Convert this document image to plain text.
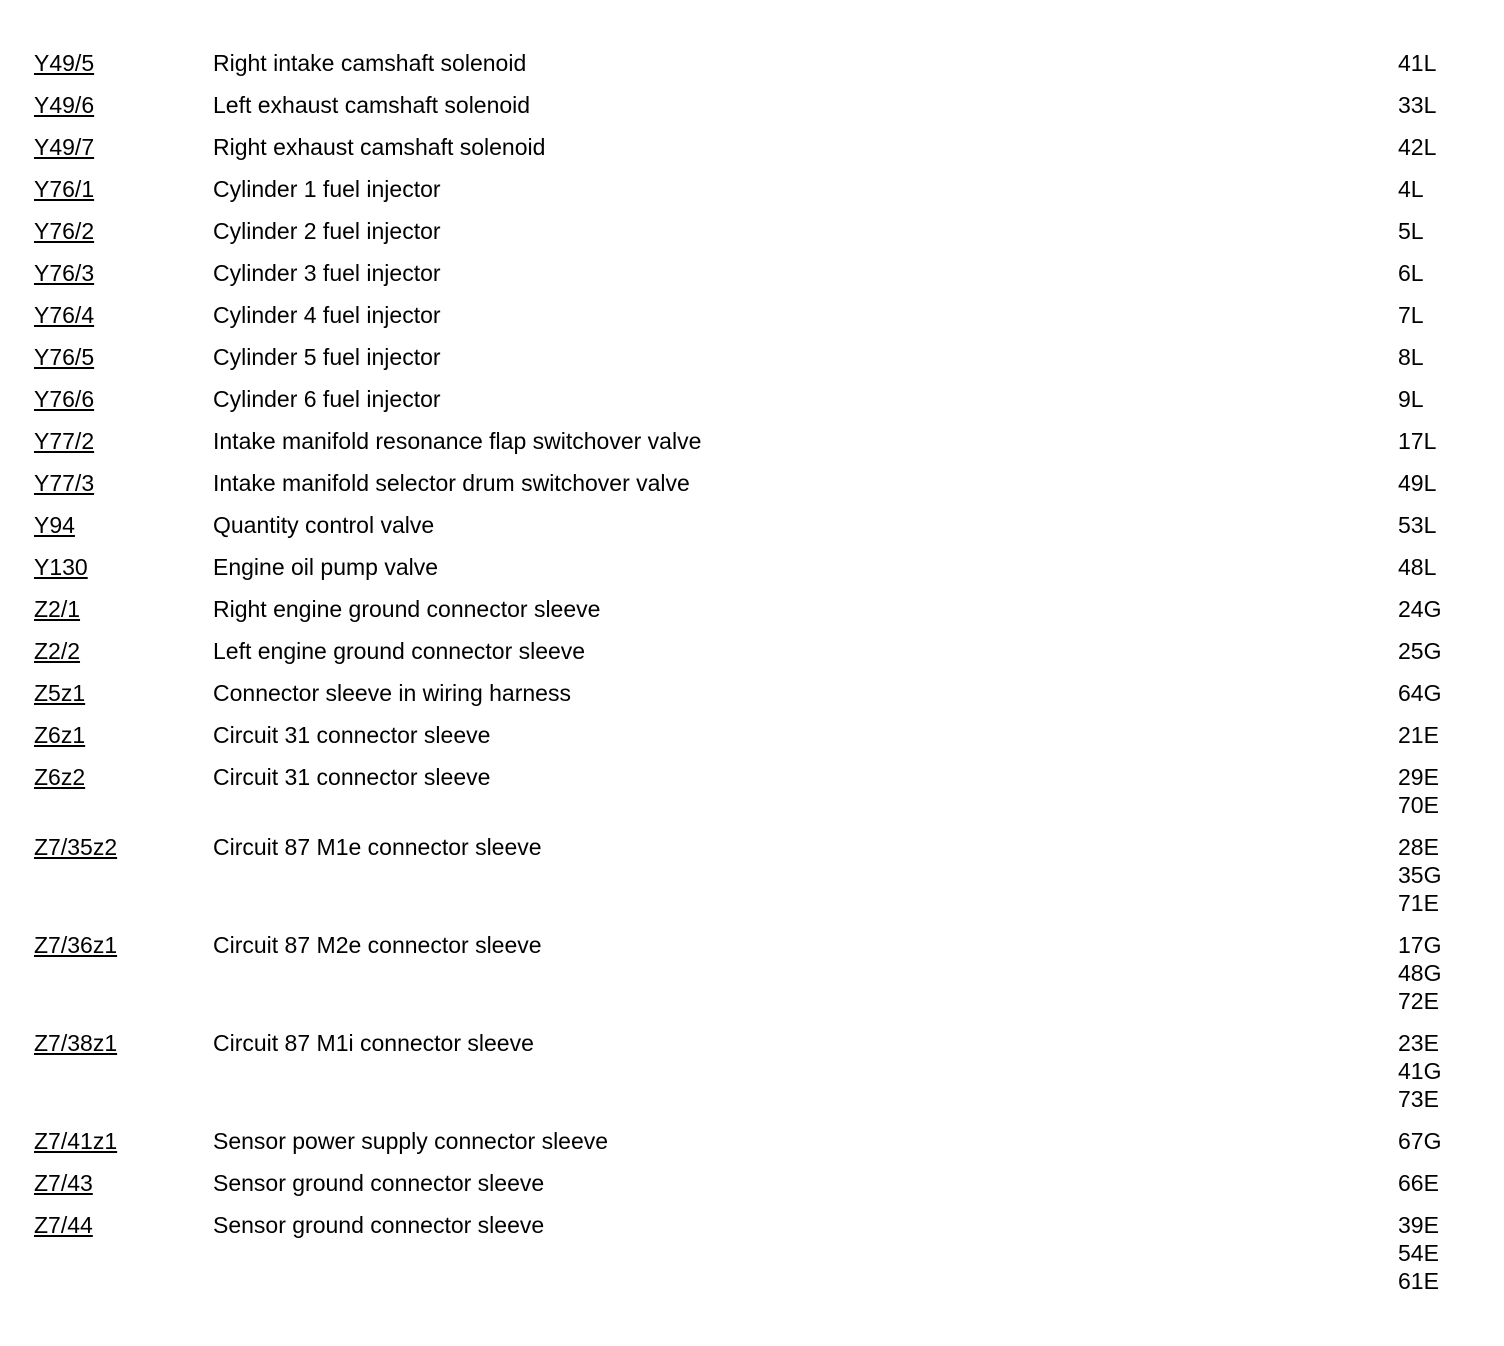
Y49/5	Right intake camshaft solenoid	41L
Y49/6	Left exhaust camshaft solenoid	33L
Y49/7	Right exhaust camshaft solenoid	42L
Y76/1	Cylinder 1 fuel injector	4L
Y76/2	Cylinder 2 fuel injector	5L
Y76/3	Cylinder 3 fuel injector	6L
Y76/4	Cylinder 4 fuel injector	7L
Y76/5	Cylinder 5 fuel injector	8L
Y76/6	Cylinder 6 fuel injector	9L
Y77/2	Intake manifold resonance flap switchover valve	17L
Y77/3	Intake manifold selector drum switchover valve	49L
Y94	Quantity control valve	53L
Y130	Engine oil pump valve	48L
Z2/1	Right engine ground connector sleeve	24G
Z2/2	Left engine ground connector sleeve	25G
Z5z1	Connector sleeve in wiring harness	64G
Z6z1	Circuit 31 connector sleeve	21E
Z6z2	Circuit 31 connector sleeve	29E
70E
Z7/35z2	Circuit 87 M1e connector sleeve	28E
35G
71E
Z7/36z1	Circuit 87 M2e connector sleeve	17G
48G
72E
Z7/38z1	Circuit 87 M1i connector sleeve	23E
41G
73E
Z7/41z1	Sensor power supply connector sleeve	67G
Z7/43	Sensor ground connector sleeve	66E
Z7/44	Sensor ground connector sleeve	39E
54E
61E
